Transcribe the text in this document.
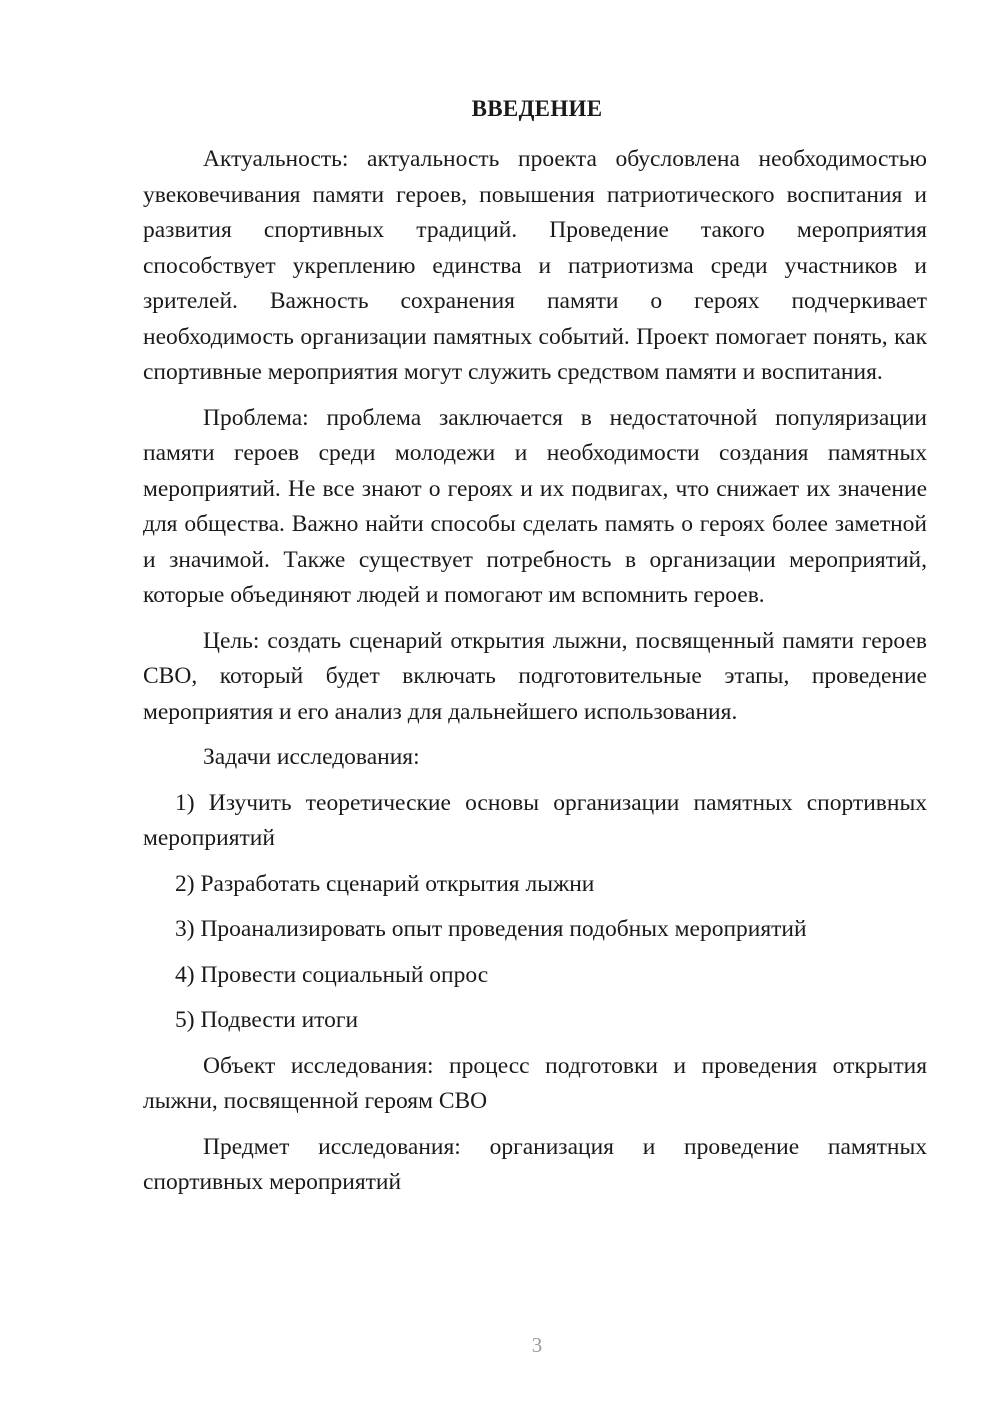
ВВЕДЕНИЕ

Актуальность: актуальность проекта обусловлена необходимостью увековечивания памяти героев, повышения патриотического воспитания и развития спортивных традиций. Проведение такого мероприятия способствует укреплению единства и патриотизма среди участников и зрителей. Важность сохранения памяти о героях подчеркивает необходимость организации памятных событий. Проект помогает понять, как спортивные мероприятия могут служить средством памяти и воспитания.

Проблема: проблема заключается в недостаточной популяризации памяти героев среди молодежи и необходимости создания памятных мероприятий. Не все знают о героях и их подвигах, что снижает их значение для общества. Важно найти способы сделать память о героях более заметной и значимой. Также существует потребность в организации мероприятий, которые объединяют людей и помогают им вспомнить героев.

Цель: создать сценарий открытия лыжни, посвященный памяти героев СВО, который будет включать подготовительные этапы, проведение мероприятия и его анализ для дальнейшего использования.

Задачи исследования:

1) Изучить теоретические основы организации памятных спортивных мероприятий

2) Разработать сценарий открытия лыжни

3) Проанализировать опыт проведения подобных мероприятий

4) Провести социальный опрос

5) Подвести итоги

Объект исследования: процесс подготовки и проведения открытия лыжни, посвященной героям СВО

Предмет исследования: организация и проведение памятных спортивных мероприятий

3
